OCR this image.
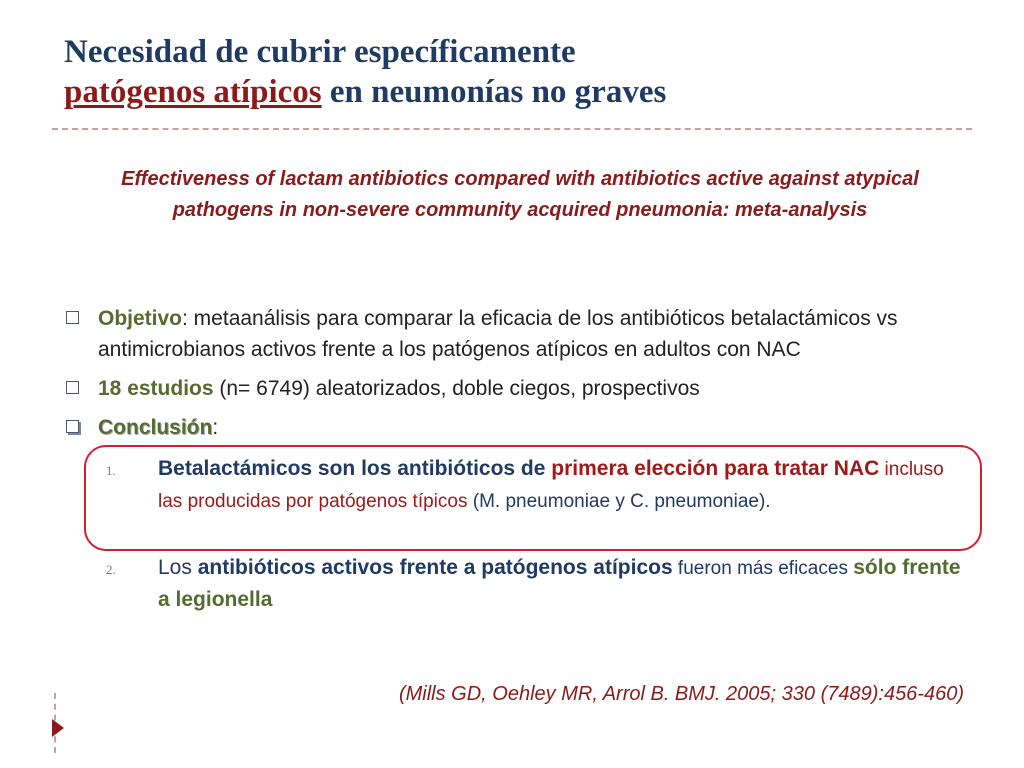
Necesidad de cubrir específicamente
patógenos atípicos en neumonías no graves
Effectiveness of lactam antibiotics compared with antibiotics active against atypical pathogens in non-severe community acquired pneumonia: meta-analysis
Objetivo: metaanálisis para comparar la eficacia de los antibióticos betalactámicos vs antimicrobianos activos frente a los patógenos atípicos en adultos con NAC
18 estudios (n= 6749) aleatorizados, doble ciegos, prospectivos
Conclusión:
1. Betalactámicos son los antibióticos de primera elección para tratar NAC incluso las producidas por patógenos típicos (M. pneumoniae y C. pneumoniae).
2. Los antibióticos activos frente a patógenos atípicos fueron más eficaces sólo frente a legionella
(Mills GD, Oehley MR, Arrol B. BMJ. 2005; 330 (7489):456-460)
